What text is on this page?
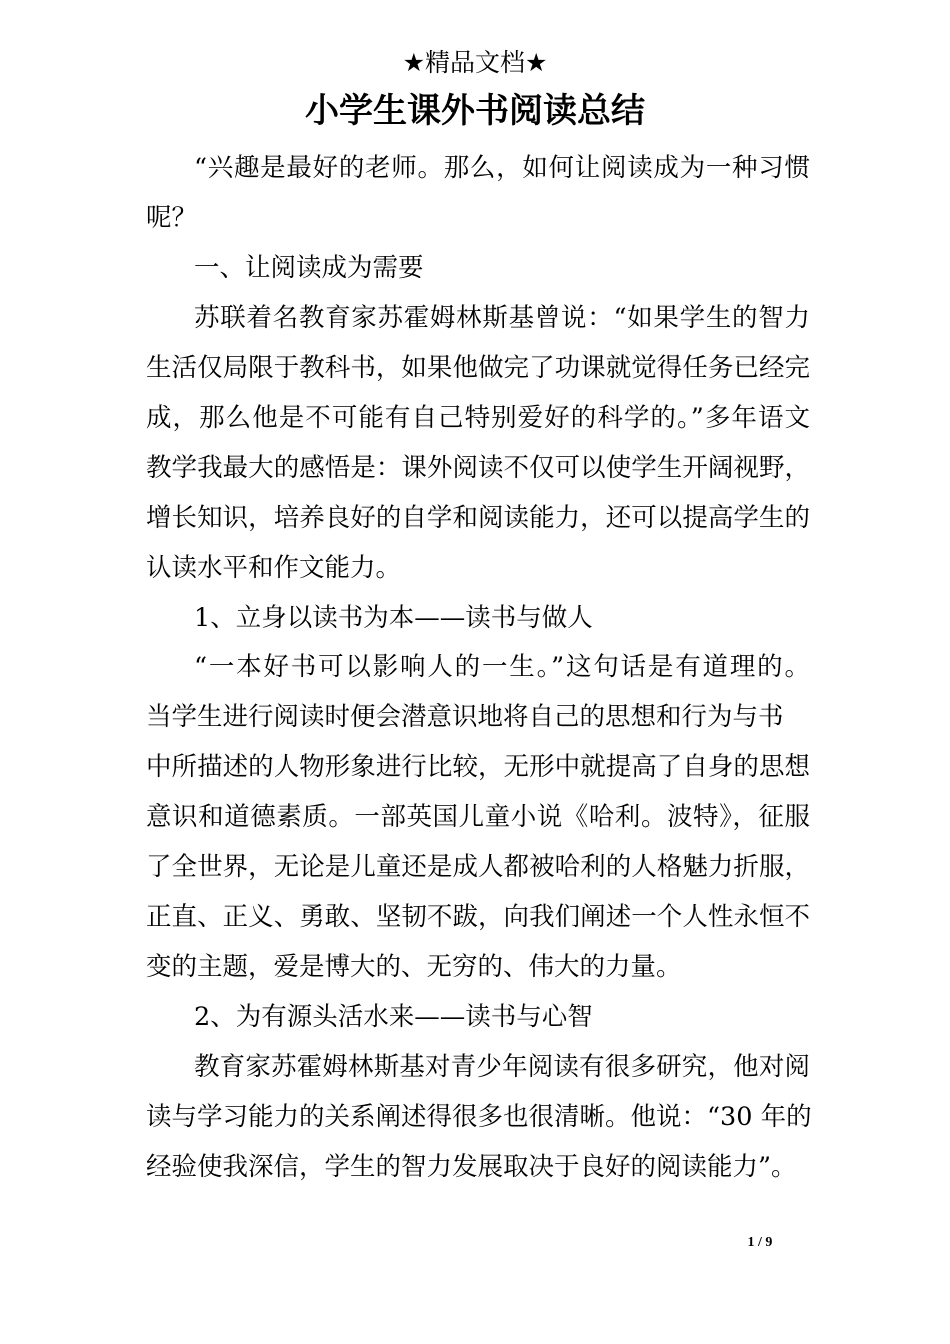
★精品文档★
小学生课外书阅读总结
“兴趣是最好的老师。那么，如何让阅读成为一种习惯
呢？
一、让阅读成为需要
苏联着名教育家苏霍姆林斯基曾说：“如果学生的智力
生活仅局限于教科书，如果他做完了功课就觉得任务已经完
成，那么他是不可能有自己特别爱好的科学的。”多年语文
教学我最大的感悟是：课外阅读不仅可以使学生开阔视野，
增长知识，培养良好的自学和阅读能力，还可以提高学生的
认读水平和作文能力。
1、立身以读书为本——读书与做人
“一本好书可以影响人的一生。”这句话是有道理的。
当学生进行阅读时便会潜意识地将自己的思想和行为与书
中所描述的人物形象进行比较，无形中就提高了自身的思想
意识和道德素质。一部英国儿童小说《哈利。波特》，征服
了全世界，无论是儿童还是成人都被哈利的人格魅力折服，
正直、正义、勇敢、坚韧不跋，向我们阐述一个人性永恒不
变的主题，爱是博大的、无穷的、伟大的力量。
2、为有源头活水来——读书与心智
教育家苏霍姆林斯基对青少年阅读有很多研究，他对阅
读与学习能力的关系阐述得很多也很清晰。他说：“30 年的
经验使我深信，学生的智力发展取决于良好的阅读能力”。
1 / 9
